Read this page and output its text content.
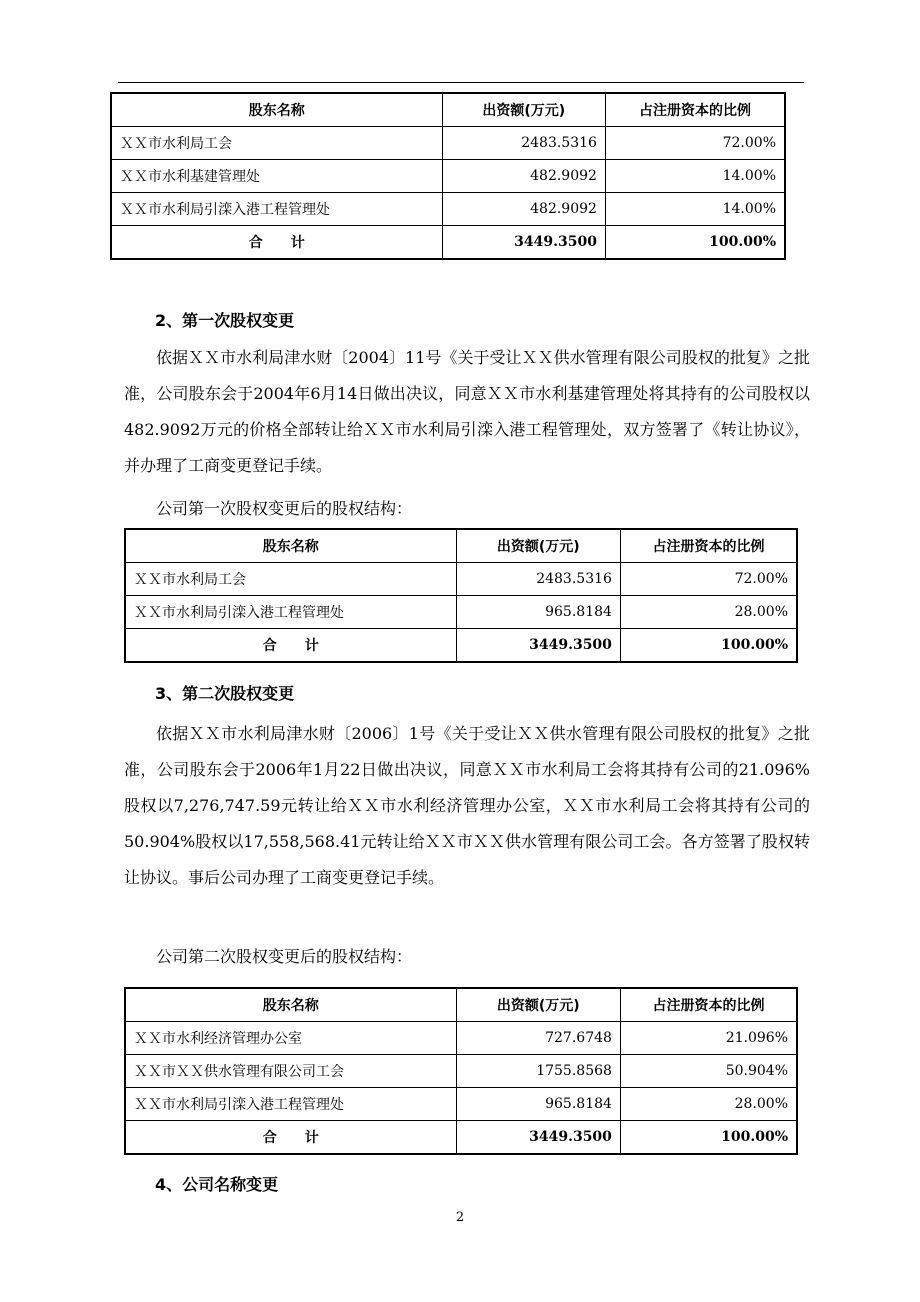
股东名称	出资额(万元)	占注册资本的比例
ＸＸ市水利局工会	2483.5316	72.00%
ＸＸ市水利基建管理处	482.9092	14.00%
ＸＸ市水利局引滦入港工程管理处	482.9092	14.00%
合　　计	3449.3500	100.00%
2、第一次股权变更
依据ＸＸ市水利局津水财〔2004〕11号《关于受让ＸＸ供水管理有限公司股权的批复》之批准，公司股东会于2004年6月14日做出决议，同意ＸＸ市水利基建管理处将其持有的公司股权以482.9092万元的价格全部转让给ＸＸ市水利局引滦入港工程管理处，双方签署了《转让协议》，并办理了工商变更登记手续。
公司第一次股权变更后的股权结构：
股东名称	出资额(万元)	占注册资本的比例
ＸＸ市水利局工会	2483.5316	72.00%
ＸＸ市水利局引滦入港工程管理处	965.8184	28.00%
合　　计	3449.3500	100.00%
3、第二次股权变更
依据ＸＸ市水利局津水财〔2006〕1号《关于受让ＸＸ供水管理有限公司股权的批复》之批准，公司股东会于2006年1月22日做出决议，同意ＸＸ市水利局工会将其持有公司的21.096%股权以7,276,747.59元转让给ＸＸ市水利经济管理办公室，ＸＸ市水利局工会将其持有公司的50.904%股权以17,558,568.41元转让给ＸＸ市ＸＸ供水管理有限公司工会。各方签署了股权转让协议。事后公司办理了工商变更登记手续。
公司第二次股权变更后的股权结构：
股东名称	出资额(万元)	占注册资本的比例
ＸＸ市水利经济管理办公室	727.6748	21.096%
ＸＸ市ＸＸ供水管理有限公司工会	1755.8568	50.904%
ＸＸ市水利局引滦入港工程管理处	965.8184	28.00%
合　　计	3449.3500	100.00%
4、公司名称变更
2
